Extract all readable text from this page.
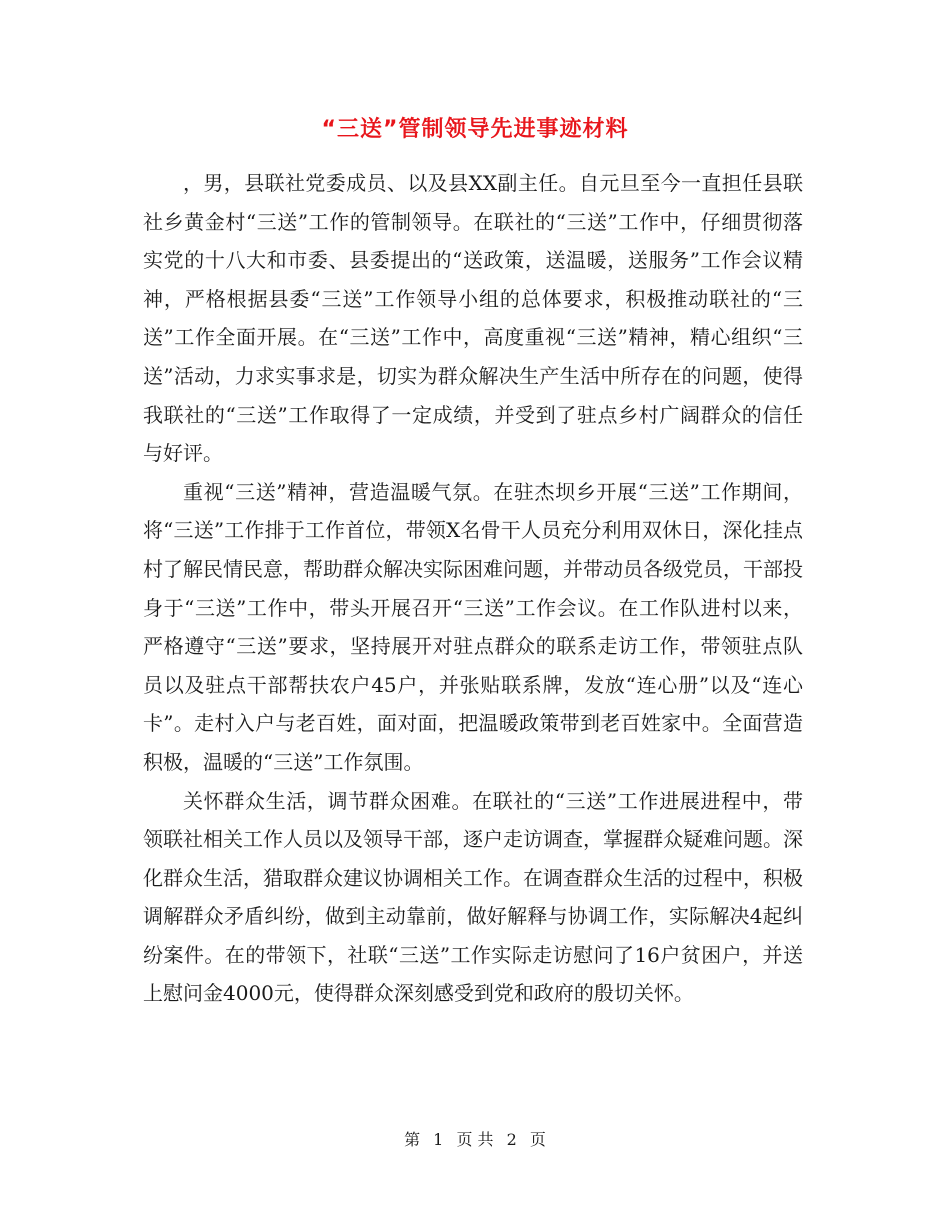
“三送”管制领导先进事迹材料

，男，县联社党委成员、以及县XX副主任。自元旦至今一直担任县联社乡黄金村“三送”工作的管制领导。在联社的“三送”工作中，仔细贯彻落实党的十八大和市委、县委提出的“送政策，送温暖，送服务”工作会议精神，严格根据县委“三送”工作领导小组的总体要求，积极推动联社的“三送”工作全面开展。在“三送”工作中，高度重视“三送”精神，精心组织“三送”活动，力求实事求是，切实为群众解决生产生活中所存在的问题，使得我联社的“三送”工作取得了一定成绩，并受到了驻点乡村广阔群众的信任与好评。

重视“三送”精神，营造温暖气氛。在驻杰坝乡开展“三送”工作期间，将“三送”工作排于工作首位，带领X名骨干人员充分利用双休日，深化挂点村了解民情民意，帮助群众解决实际困难问题，并带动员各级党员，干部投身于“三送”工作中，带头开展召开“三送”工作会议。在工作队进村以来，严格遵守“三送”要求，坚持展开对驻点群众的联系走访工作，带领驻点队员以及驻点干部帮扶农户45户，并张贴联系牌，发放“连心册”以及“连心卡”。走村入户与老百姓，面对面，把温暖政策带到老百姓家中。全面营造积极，温暖的“三送”工作氛围。

关怀群众生活，调节群众困难。在联社的“三送”工作进展进程中，带领联社相关工作人员以及领导干部，逐户走访调查，掌握群众疑难问题。深化群众生活，猎取群众建议协调相关工作。在调查群众生活的过程中，积极调解群众矛盾纠纷，做到主动靠前，做好解释与协调工作，实际解决4起纠纷案件。在的带领下，社联“三送”工作实际走访慰问了16户贫困户，并送上慰问金4000元，使得群众深刻感受到党和政府的殷切关怀。

第 1 页 共 2 页
